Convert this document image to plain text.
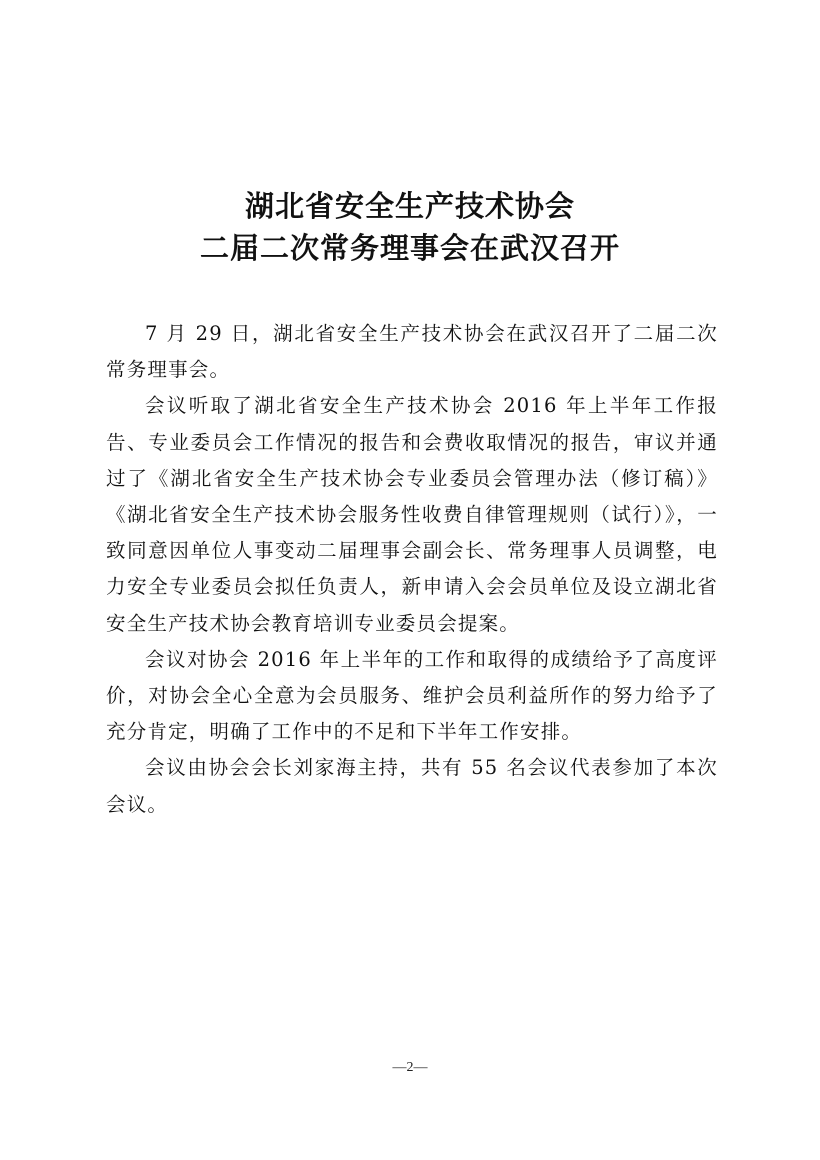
湖北省安全生产技术协会
二届二次常务理事会在武汉召开

7 月 29 日，湖北省安全生产技术协会在武汉召开了二届二次常务理事会。

会议听取了湖北省安全生产技术协会 2016 年上半年工作报告、专业委员会工作情况的报告和会费收取情况的报告，审议并通过了《湖北省安全生产技术协会专业委员会管理办法（修订稿）》《湖北省安全生产技术协会服务性收费自律管理规则（试行）》，一致同意因单位人事变动二届理事会副会长、常务理事人员调整，电力安全专业委员会拟任负责人，新申请入会会员单位及设立湖北省安全生产技术协会教育培训专业委员会提案。

会议对协会 2016 年上半年的工作和取得的成绩给予了高度评价，对协会全心全意为会员服务、维护会员利益所作的努力给予了充分肯定，明确了工作中的不足和下半年工作安排。

会议由协会会长刘家海主持，共有 55 名会议代表参加了本次会议。

—2—
